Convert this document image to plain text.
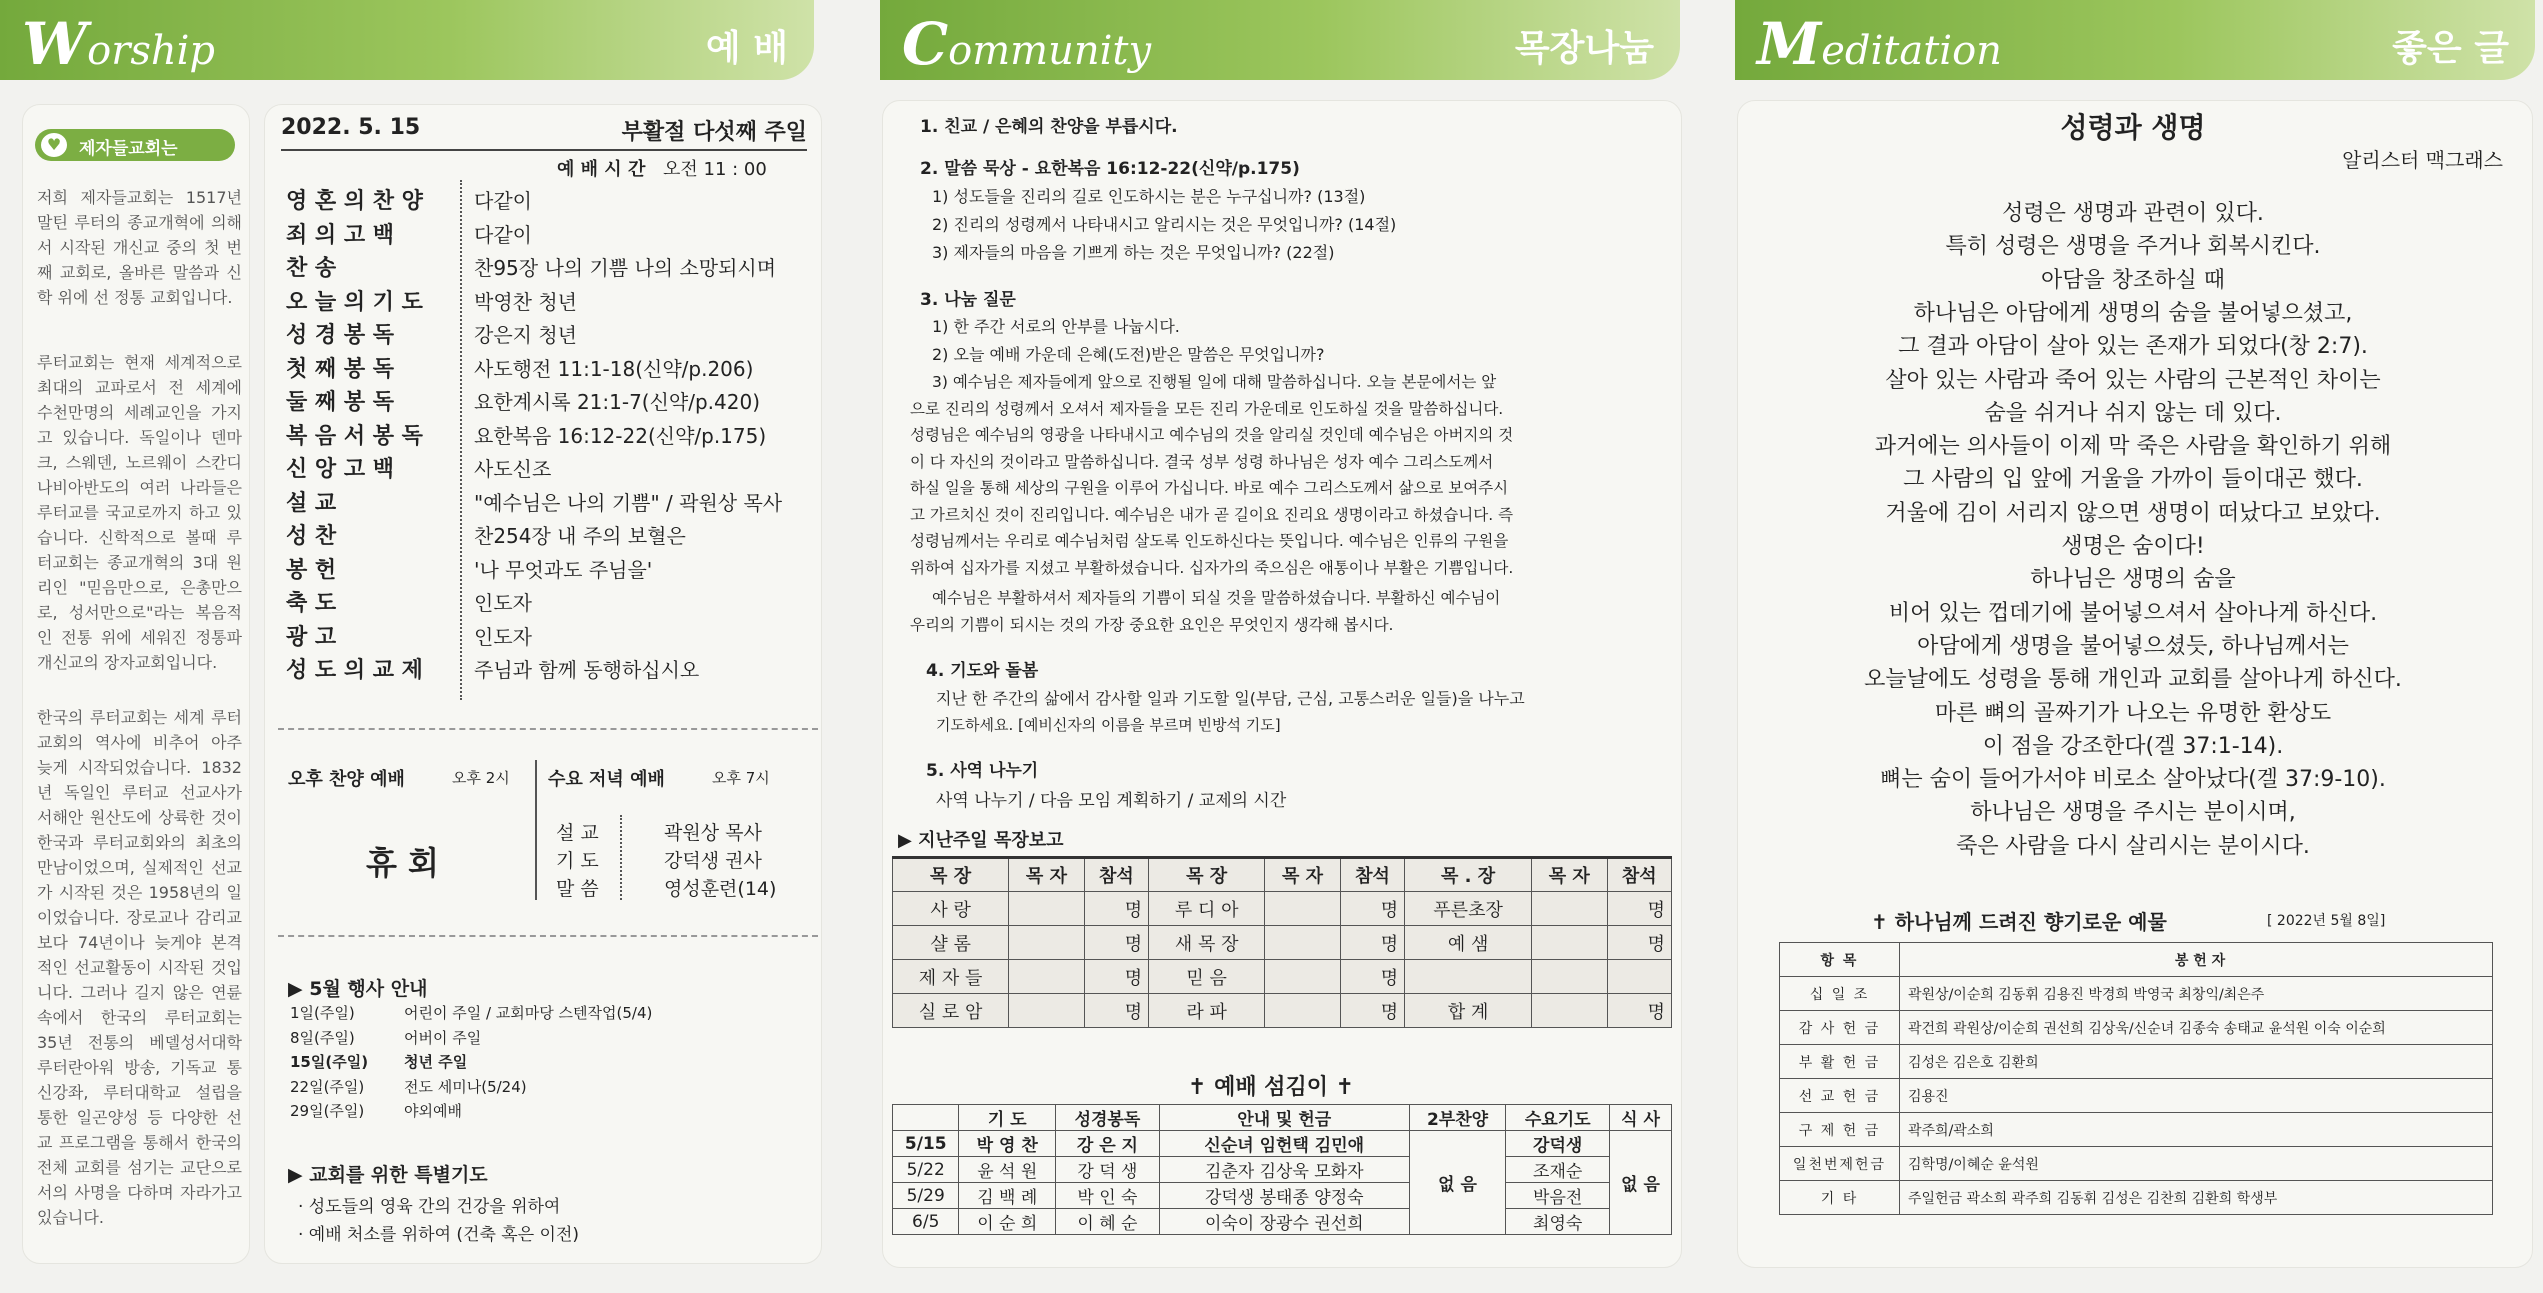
Worship	예 배
♥	제자들교회는

저희 제자들교회는 1517년 말틴 루터의 종교개혁에 의해서 시작된 개신교 중의 첫 번째 교회로, 올바른 말씀과 신학 위에 선 정통 교회입니다.

루터교회는 현재 세계적으로 최대의 교파로서 전 세계에 수천만명의 세례교인을 가지고 있습니다. 독일이나 덴마크, 스웨덴, 노르웨이 스칸디나비아반도의 여러 나라들은 루터교를 국교로까지 하고 있습니다. 신학적으로 볼때 루터교회는 종교개혁의 3대 원리인 "믿음만으로, 은총만으로, 성서만으로"라는 복음적인 전통 위에 세워진 정통파 개신교의 장자교회입니다.

한국의 루터교회는 세계 루터 교회의 역사에 비추어 아주 늦게 시작되었습니다. 1832년 독일인 루터교 선교사가 서해안 원산도에 상륙한 것이 한국과 루터교회와의 최초의 만남이었으며, 실제적인 선교가 시작된 것은 1958년의 일이었습니다. 장로교나 감리교보다 74년이나 늦게야 본격적인 선교활동이 시작된 것입니다. 그러나 길지 않은 연륜 속에서 한국의 루터교회는 35년 전통의 베델성서대학 루터란아워 방송, 기독교 통신강좌, 루터대학교 설립을 통한 일곤양성 등 다양한 선교 프로그램을 통해서 한국의 전체 교회를 섬기는 교단으로서의 사명을 다하며 자라가고 있습니다.

2022. 5. 15	부활절 다섯째 주일
예 배 시 간 오전 11 : 00
영 혼 의 찬 양	다같이
죄 의 고 백	다같이
찬 송	찬95장 나의 기쁨 나의 소망되시며
오 늘 의 기 도	박영찬 청년
성 경 봉 독	강은지 청년
첫 째 봉 독	사도행전 11:1-18(신약/p.206)
둘 째 봉 독	요한계시록 21:1-7(신약/p.420)
복 음 서 봉 독	요한복음 16:12-22(신약/p.175)
신 앙 고 백	사도신조
설 교	"예수님은 나의 기쁨" / 곽원상 목사
성 찬	찬254장 내 주의 보혈은
봉 헌	'나 무엇과도 주님을'
축 도	인도자
광 고	인도자
성 도 의 교 제	주님과 함께 동행하십시오
오후 찬양 예배	오후 2시
휴 회
수요 저녁 예배	오후 7시
설 교	곽원상 목사
기 도	강덕생 권사
말 씀	영성훈련(14)
▶ 5월 행사 안내
1일(주일)	어린이 주일 / 교회마당 스텐작업(5/4)
8일(주일)	어버이 주일
15일(주일) 청년 주일
22일(주일)	전도 세미나(5/24)
29일(주일)	야외예배
▶ 교회를 위한 특별기도
· 성도들의 영육 간의 건강을 위하여
· 예배 처소를 위하여 (건축 혹은 이전)
Community	목장나눔
1. 친교 / 은혜의 찬양을 부릅시다.
2. 말씀 묵상 - 요한복음 16:12-22(신약/p.175)
1) 성도들을 진리의 길로 인도하시는 분은 누구십니까? (13절)
2) 진리의 성령께서 나타내시고 알리시는 것은 무엇입니까? (14절)
3) 제자들의 마음을 기쁘게 하는 것은 무엇입니까? (22절)
3. 나눔 질문
1) 한 주간 서로의 안부를 나눕시다.
2) 오늘 예배 가운데 은혜(도전)받은 말씀은 무엇입니까?
3) 예수님은 제자들에게 앞으로 진행될 일에 대해 말씀하십니다. 오늘 본문에서는 앞
으로 진리의 성령께서 오셔서 제자들을 모든 진리 가운데로 인도하실 것을 말씀하십니다.
성령님은 예수님의 영광을 나타내시고 예수님의 것을 알리실 것인데 예수님은 아버지의 것
이 다 자신의 것이라고 말씀하십니다. 결국 성부 성령 하나님은 성자 예수 그리스도께서
하실 일을 통해 세상의 구원을 이루어 가십니다. 바로 예수 그리스도께서 삶으로 보여주시
고 가르치신 것이 진리입니다. 예수님은 내가 곧 길이요 진리요 생명이라고 하셨습니다. 즉
성령님께서는 우리로 예수님처럼 살도록 인도하신다는 뜻입니다. 예수님은 인류의 구원을
위하여 십자가를 지셨고 부활하셨습니다. 십자가의 죽으심은 애통이나 부활은 기쁨입니다.
예수님은 부활하셔서 제자들의 기쁨이 되실 것을 말씀하셨습니다. 부활하신 예수님이
우리의 기쁨이 되시는 것의 가장 중요한 요인은 무엇인지 생각해 봅시다.
4. 기도와 돌봄
지난 한 주간의 삶에서 감사할 일과 기도할 일(부담, 근심, 고통스러운 일들)을 나누고
기도하세요. [예비신자의 이름을 부르며 빈방석 기도]
5. 사역 나누기
사역 나누기 / 다음 모임 계획하기 / 교제의 시간
▶ 지난주일 목장보고
목 장	목 자	참석	목 장	목 자	참석	목 . 장	목 자	참석
사 랑		명	루 디 아		명	푸른초장		명
샬 롬		명	새 목 장		명	예 샘		명
제 자 들		명	믿 음		명			
실 로 암		명	라 파		명	합 계		명
✝ 예배 섬김이 ✝
	기 도	성경봉독	안내 및 헌금	2부찬양	수요기도	식 사
5/15	박 영 찬	강 은 지	신순녀 임헌택 김민애	없 음	강덕생	없 음
5/22	윤 석 원	강 덕 생	김춘자 김상욱 모화자		조재순	
5/29	김 백 례	박 인 숙	강덕생 봉태종 양정숙		박음전	
6/5	이 순 희	이 혜 순	이숙이 장광수 권선희		최영숙	
Meditation	좋은 글
성령과 생명
알리스터 맥그래스
성령은 생명과 관련이 있다.
특히 성령은 생명을 주거나 회복시킨다.
아담을 창조하실 때
하나님은 아담에게 생명의 숨을 불어넣으셨고,
그 결과 아담이 살아 있는 존재가 되었다(창 2:7).
살아 있는 사람과 죽어 있는 사람의 근본적인 차이는
숨을 쉬거나 쉬지 않는 데 있다.
과거에는 의사들이 이제 막 죽은 사람을 확인하기 위해
그 사람의 입 앞에 거울을 가까이 들이대곤 했다.
거울에 김이 서리지 않으면 생명이 떠났다고 보았다.
생명은 숨이다!
하나님은 생명의 숨을
비어 있는 껍데기에 불어넣으셔서 살아나게 하신다.
아담에게 생명을 불어넣으셨듯, 하나님께서는
오늘날에도 성령을 통해 개인과 교회를 살아나게 하신다.
마른 뼈의 골짜기가 나오는 유명한 환상도
이 점을 강조한다(겔 37:1-14).
뼈는 숨이 들어가서야 비로소 살아났다(겔 37:9-10).
하나님은 생명을 주시는 분이시며,
죽은 사람을 다시 살리시는 분이시다.
✝ 하나님께 드려진 향기로운 예물	[ 2022년 5월 8일]
항 목	봉 헌 자
십 일 조	곽원상/이순희 김동휘 김용진 박경희 박영국 최창익/최은주
감 사 헌 금	곽건희 곽원상/이순희 권선희 김상욱/신순녀 김종숙 송태교 윤석원 이숙 이순희
부 활 헌 금	김성은 김은호 김환희
선 교 헌 금	김용진
구 제 헌 금	곽주희/곽소희
일천번제헌금	김학명/이혜순 윤석원
기 타	주일헌금 곽소희 곽주희 김동휘 김성은 김찬희 김환희 학생부
